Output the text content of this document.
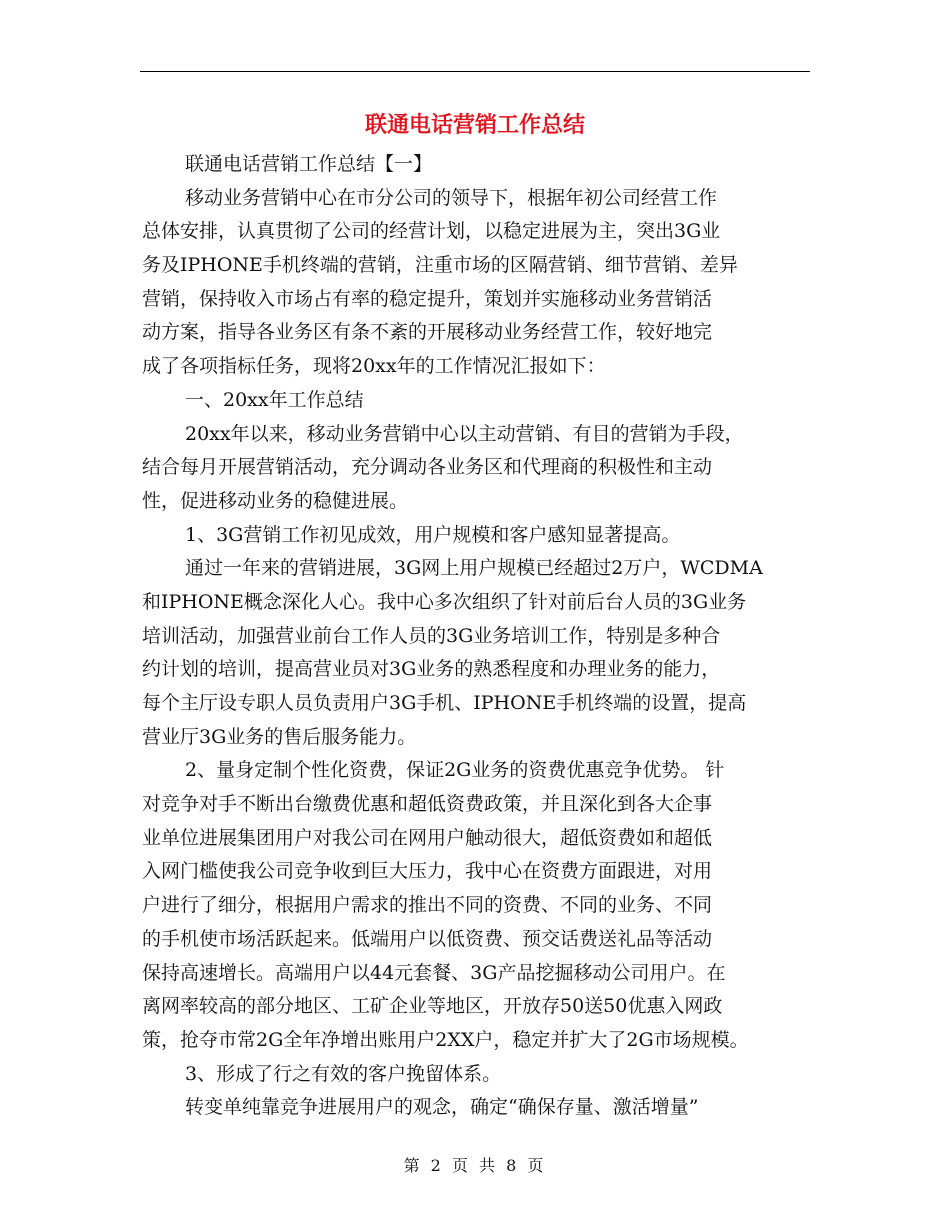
联通电话营销工作总结
联通电话营销工作总结【一】
移动业务营销中心在市分公司的领导下，根据年初公司经营工作
总体安排，认真贯彻了公司的经营计划，以稳定进展为主，突出3G业
务及IPHONE手机终端的营销，注重市场的区隔营销、细节营销、差异
营销，保持收入市场占有率的稳定提升，策划并实施移动业务营销活
动方案，指导各业务区有条不紊的开展移动业务经营工作，较好地完
成了各项指标任务，现将20xx年的工作情况汇报如下：
一、20xx年工作总结
20xx年以来，移动业务营销中心以主动营销、有目的营销为手段，
结合每月开展营销活动，充分调动各业务区和代理商的积极性和主动
性，促进移动业务的稳健进展。
1、3G营销工作初见成效，用户规模和客户感知显著提高。
通过一年来的营销进展，3G网上用户规模已经超过2万户，WCDMA
和IPHONE概念深化人心。我中心多次组织了针对前后台人员的3G业务
培训活动，加强营业前台工作人员的3G业务培训工作，特别是多种合
约计划的培训，提高营业员对3G业务的熟悉程度和办理业务的能力，
每个主厅设专职人员负责用户3G手机、IPHONE手机终端的设置，提高
营业厅3G业务的售后服务能力。
2、量身定制个性化资费，保证2G业务的资费优惠竞争优势。 针
对竞争对手不断出台缴费优惠和超低资费政策，并且深化到各大企事
业单位进展集团用户对我公司在网用户触动很大，超低资费如和超低
入网门槛使我公司竞争收到巨大压力，我中心在资费方面跟进，对用
户进行了细分，根据用户需求的推出不同的资费、不同的业务、不同
的手机使市场活跃起来。低端用户以低资费、预交话费送礼品等活动
保持高速增长。高端用户以44元套餐、3G产品挖掘移动公司用户。在
离网率较高的部分地区、工矿企业等地区，开放存50送50优惠入网政
策，抢夺市常2G全年净增出账用户2XX户，稳定并扩大了2G市场规模。
3、形成了行之有效的客户挽留体系。
转变单纯靠竞争进展用户的观念，确定“确保存量、激活增量”
第 2 页 共 8 页
